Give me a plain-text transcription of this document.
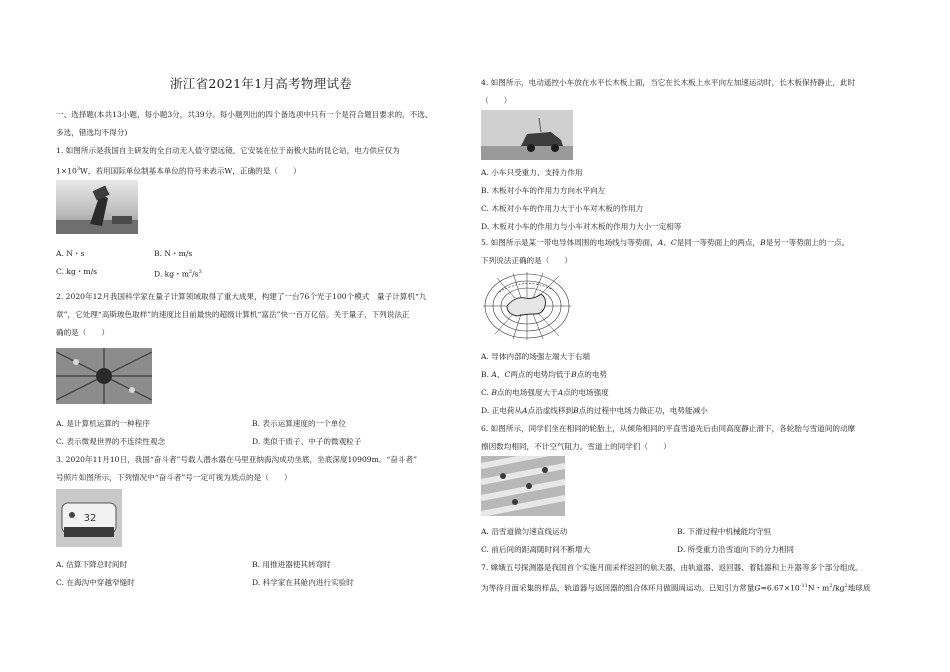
浙江省2021年1月高考物理试卷
一、选择题(本共13小题，每小题3分，共39分。每小题列出的四个备选项中只有一个是符合题目要求的，不选、
多选，错选均不得分)
1. 如图所示是我国自主研发的全自动无人值守望远镜，它安装在位于南极大陆的昆仑站，电力供应仅为
$1\times 10^3W$，若用国际单位制基本单位的符号来表示W，正确的是（　　）
A. N・s	B. N・m/s
C. kg・m/s	D. kg・$m^2/s^3$
2. 2020年12月我国科学家在量子计算领域取得了重大成果，构建了一台76个光子100个模式　量子计算机“九
章”，它处理“高斯玻色取样”的速度比目前最快的超级计算机“富岳”快一百万亿倍。关于量子，下列说法正
确的是（　　）
A. 是计算机运算的一种程序	B. 表示运算速度的一个单位
C. 表示微观世界的不连续性观念	D. 类似于质子、中子的微观粒子
3. 2020年11月10日，我国“奋斗者”号载人潜水器在马里亚纳海沟成功坐底，坐底深度10909m。“奋斗者”
号照片如图所示，下列情况中“奋斗者”号一定可视为质点的是（　　）
32
A. 估算下降总时间时	B. 用推进器使其转弯时
C. 在海沟中穿越窄缝时	D. 科学家在其舱内进行实验时
4. 如图所示，电动遥控小车放在水平长木板上面，当它在长木板上水平向左加速运动时，长木板保持静止，此时
（　　）
A. 小车只受重力、支持力作用
B. 木板对小车的作用力方向水平向左
C. 木板对小车的作用力大于小车对木板的作用力
D. 木板对小车的作用力与小车对木板的作用力大小一定相等
5. 如图所示是某一带电导体周围的电场线与等势面，A、C是同一等势面上的两点，B是另一等势面上的一点。
下列说法正确的是（　　）
A. 导体内部的场强左端大于右端
B. A、C两点的电势均低于B点的电势
C. B点的电场强度大于A点的电场强度
D. 正电荷从A点沿虚线移到B点的过程中电场力做正功，电势能减小
6. 如图所示，同学们坐在相同的轮胎上，从倾角相同的平直雪道先后由同高度静止滑下，各轮胎与雪道间的动摩
擦因数均相同，不计空气阻力。雪道上的同学们（　　）
A. 沿雪道做匀速直线运动	B. 下滑过程中机械能均守恒
C. 前后间的距离随时间不断增大	D. 所受重力沿雪道向下的分力相同
7. 嫦娥五号探测器是我国首个实施月面采样返回的航天器，由轨道器、返回器、着陆器和上升器等多个部分组成。
为等待月面采集的样品，轨道器与返回器的组合体环月做圆周运动。已知引力常量$G=6.67\times 10^{-11}N$・$m^2/kg^2$地球质
